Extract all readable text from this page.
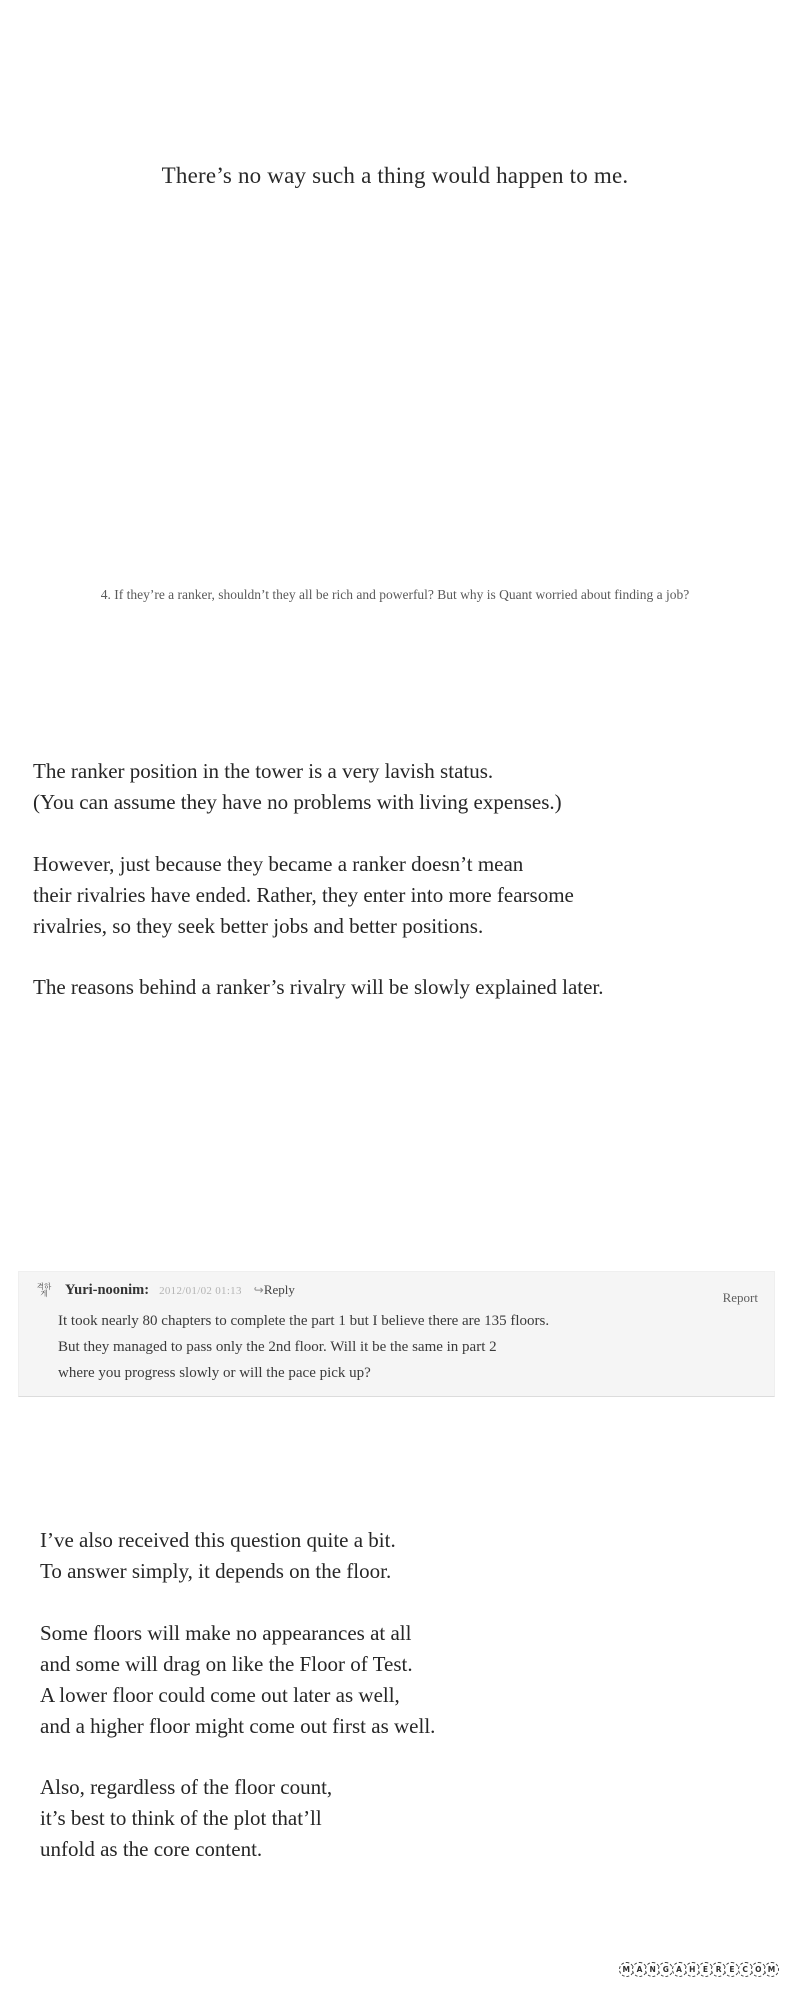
There’s no way such a thing would happen to me.
4. If they’re a ranker, shouldn’t they all be rich and powerful? But why is Quant worried about finding a job?
The ranker position in the tower is a very lavish status.
(You can assume they have no problems with living expenses.)
However, just because they became a ranker doesn’t mean
their rivalries have ended. Rather, they enter into more fearsome
rivalries, so they seek better jobs and better positions.
The reasons behind a ranker’s rivalry will be slowly explained later.
격하
게 Yuri-noonim: 2012/01/02 01:13 ↪Reply
Report
It took nearly 80 chapters to complete the part 1 but I believe there are 135 floors.
But they managed to pass only the 2nd floor. Will it be the same in part 2
where you progress slowly or will the pace pick up?
I’ve also received this question quite a bit.
To answer simply, it depends on the floor.
Some floors will make no appearances at all
and some will drag on like the Floor of Test.
A lower floor could come out later as well,
and a higher floor might come out first as well.
Also, regardless of the floor count,
it’s best to think of the plot that’ll
unfold as the core content.
M A N G A H	E	R	E	C O M
